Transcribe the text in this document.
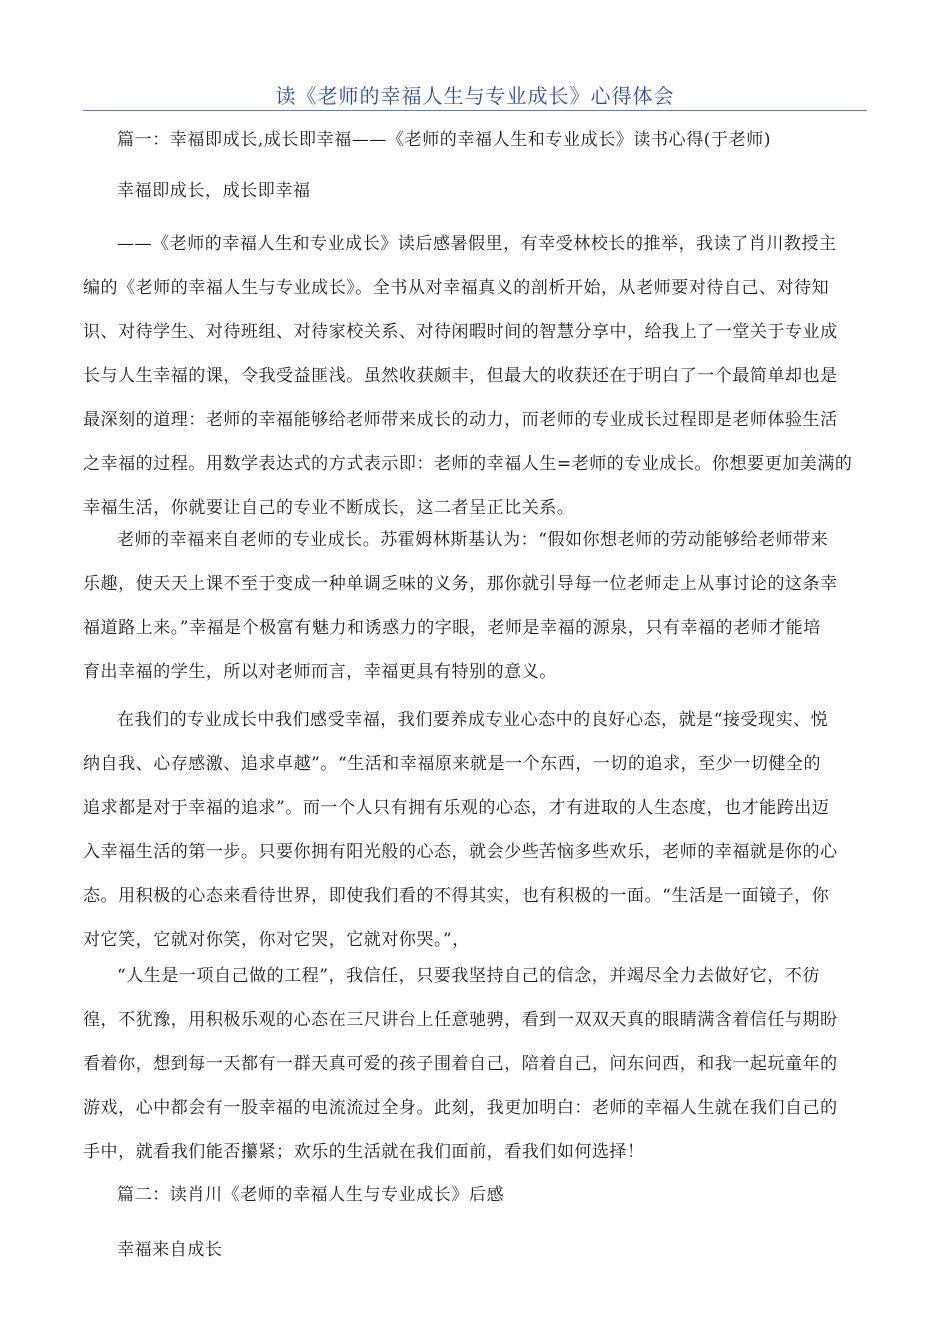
读《老师的幸福人生与专业成长》心得体会
篇一：幸福即成长,成长即幸福——《老师的幸福人生和专业成长》读书心得(于老师)
幸福即成长，成长即幸福
——《老师的幸福人生和专业成长》读后感暑假里，有幸受林校长的推举，我读了肖川教授主
编的《老师的幸福人生与专业成长》。全书从对幸福真义的剖析开始，从老师要对待自己、对待知
识、对待学生、对待班组、对待家校关系、对待闲暇时间的智慧分享中，给我上了一堂关于专业成
长与人生幸福的课，令我受益匪浅。虽然收获颇丰，但最大的收获还在于明白了一个最简单却也是
最深刻的道理：老师的幸福能够给老师带来成长的动力，而老师的专业成长过程即是老师体验生活
之幸福的过程。用数学表达式的方式表示即：老师的幸福人生=老师的专业成长。你想要更加美满的
幸福生活，你就要让自己的专业不断成长，这二者呈正比关系。
老师的幸福来自老师的专业成长。苏霍姆林斯基认为：“假如你想老师的劳动能够给老师带来
乐趣，使天天上课不至于变成一种单调乏味的义务，那你就引导每一位老师走上从事讨论的这条幸
福道路上来。”幸福是个极富有魅力和诱惑力的字眼，老师是幸福的源泉，只有幸福的老师才能培
育出幸福的学生，所以对老师而言，幸福更具有特别的意义。
在我们的专业成长中我们感受幸福，我们要养成专业心态中的良好心态，就是“接受现实、悦
纳自我、心存感激、追求卓越”。“生活和幸福原来就是一个东西，一切的追求，至少一切健全的
追求都是对于幸福的追求”。而一个人只有拥有乐观的心态，才有进取的人生态度，也才能跨出迈
入幸福生活的第一步。只要你拥有阳光般的心态，就会少些苦恼多些欢乐，老师的幸福就是你的心
态。用积极的心态来看待世界，即使我们看的不得其实，也有积极的一面。“生活是一面镜子，你
对它笑，它就对你笑，你对它哭，它就对你哭。”，
“人生是一项自己做的工程”，我信任，只要我坚持自己的信念，并竭尽全力去做好它，不彷
徨，不犹豫，用积极乐观的心态在三尺讲台上任意驰骋，看到一双双天真的眼睛满含着信任与期盼
看着你，想到每一天都有一群天真可爱的孩子围着自己，陪着自己，问东问西，和我一起玩童年的
游戏，心中都会有一股幸福的电流流过全身。此刻，我更加明白：老师的幸福人生就在我们自己的
手中，就看我们能否攥紧；欢乐的生活就在我们面前，看我们如何选择！
篇二：读肖川《老师的幸福人生与专业成长》后感
幸福来自成长
